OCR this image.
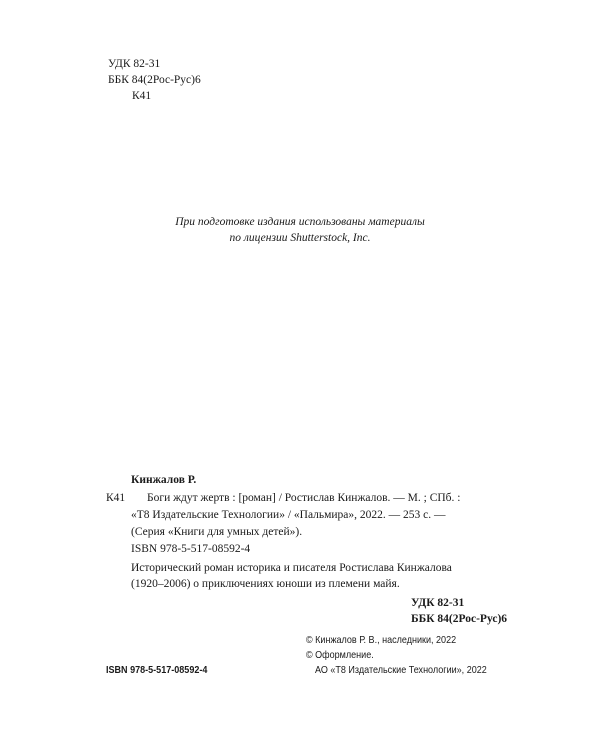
УДК 82-31

ББК 84(2Рос-Рус)6

К41

При подготовке издания использованы материалы

по лицензии Shutterstock, Inc.

Кинжалов Р.

К41 Боги ждут жертв : [роман] / Ростислав Кинжалов. — М. ; СПб. :

«Т8 Издательские Технологии» / «Пальмира», 2022. — 253 с. —

(Серия «Книги для умных детей»).

ISBN 978-5-517-08592-4

Исторический роман историка и писателя Ростислава Кинжалова

(1920–2006) о приключениях юноши из племени майя.

УДК 82-31

ББК 84(2Рос-Рус)6

ISBN 978-5-517-08592-4

© Кинжалов Р. В., наследники, 2022

© Оформление.

АО «Т8 Издательские Технологии», 2022
